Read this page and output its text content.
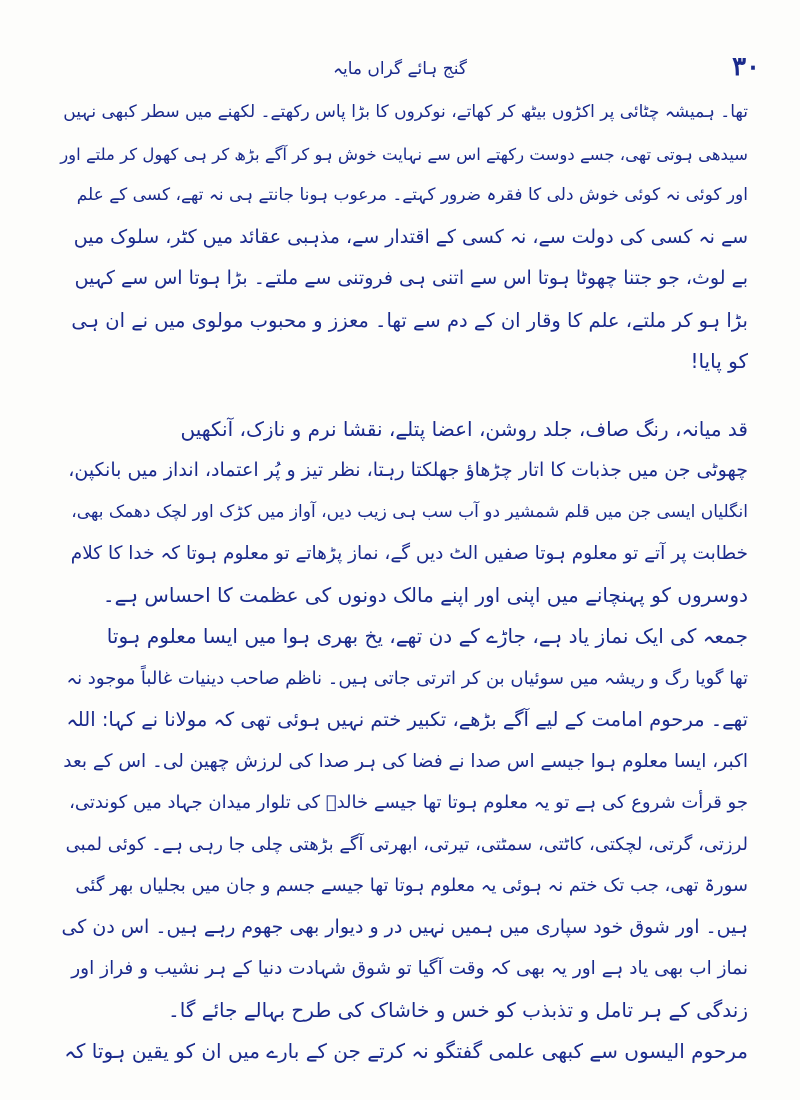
۳۰
گنج ہائے گراں مایہ
تھا۔ ہمیشہ چٹائی پر اکڑوں بیٹھ کر کھاتے، نوکروں کا بڑا پاس رکھتے۔ لکھنے میں سطر کبھی نہیں
سیدھی ہوتی تھی، جسے دوست رکھتے اس سے نہایت خوش ہو کر آگے بڑھ کر ہی کھول کر ملتے اور
اور کوئی نہ کوئی خوش دلی کا فقرہ ضرور کہتے۔ مرعوب ہونا جانتے ہی نہ تھے، کسی کے علم
سے نہ کسی کی دولت سے، نہ کسی کے اقتدار سے، مذہبی عقائد میں کٹر، سلوک میں
بے لوث، جو جتنا چھوٹا ہوتا اس سے اتنی ہی فروتنی سے ملتے۔ بڑا ہوتا اس سے کہیں
بڑا ہو کر ملتے، علم کا وقار ان کے دم سے تھا۔ معزز و محبوب مولوی میں نے ان ہی
کو پایا!
قد میانہ، رنگ صاف، جلد روشن، اعضا پتلے، نقشا نرم و نازک، آنکھیں
چھوٹی جن میں جذبات کا اتار چڑھاؤ جھلکتا رہتا، نظر تیز و پُر اعتماد، انداز میں بانکپن،
انگلیاں ایسی جن میں قلم شمشیر دو آب سب ہی زیب دیں، آواز میں کڑک اور لچک دھمک بھی،
خطابت پر آتے تو معلوم ہوتا صفیں الٹ دیں گے، نماز پڑھاتے تو معلوم ہوتا کہ خدا کا کلام
دوسروں کو پہنچانے میں اپنی اور اپنے مالک دونوں کی عظمت کا احساس ہے۔
جمعہ کی ایک نماز یاد ہے، جاڑے کے دن تھے، یخ بھری ہوا میں ایسا معلوم ہوتا
تھا گویا رگ و ریشہ میں سوئیاں بن کر اترتی جاتی ہیں۔ ناظم صاحب دینیات غالباً موجود نہ
تھے۔ مرحوم امامت کے لیے آگے بڑھے، تکبیر ختم نہیں ہوئی تھی کہ مولانا نے کہا: اللہ
اکبر، ایسا معلوم ہوا جیسے اس صدا نے فضا کی ہر صدا کی لرزش چھین لی۔ اس کے بعد
جو قرأت شروع کی ہے تو یہ معلوم ہوتا تھا جیسے خالدؓ کی تلوار میدان جہاد میں کوندتی،
لرزتی، گرتی، لچکتی، کاٹتی، سمٹتی، تیرتی، ابھرتی آگے بڑھتی چلی جا رہی ہے۔ کوئی لمبی
سورۃ تھی، جب تک ختم نہ ہوئی یہ معلوم ہوتا تھا جیسے جسم و جان میں بجلیاں بھر گئی
ہیں۔ اور شوق خود سپاری میں ہمیں نہیں در و دیوار بھی جھوم رہے ہیں۔ اس دن کی
نماز اب بھی یاد ہے اور یہ بھی کہ وقت آگیا تو شوق شہادت دنیا کے ہر نشیب و فراز اور
زندگی کے ہر تامل و تذبذب کو خس و خاشاک کی طرح بہالے جائے گا۔
مرحوم الیسوں سے کبھی علمی گفتگو نہ کرتے جن کے بارے میں ان کو یقین ہوتا کہ
